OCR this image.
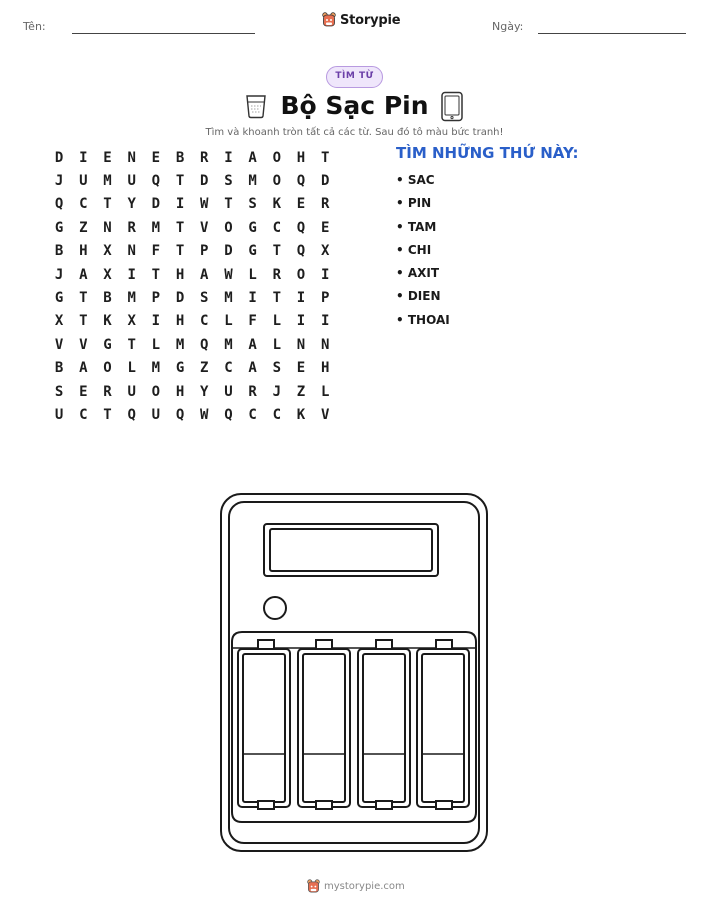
Tên:	Storypie	Ngày:
TÌM TỪ
Bộ Sạc Pin
Tìm và khoanh tròn tất cả các từ. Sau đó tô màu bức tranh!
D	I	E	N	E	B	R	I	A	O	H	T
J	U	M	U	Q	T	D	S	M	O	Q	D
Q	C	T	Y	D	I	W	T	S	K	E	R
G	Z	N	R	M	T	V	O	G	C	Q	E
B	H	X	N	F	T	P	D	G	T	Q	X
J	A	X	I	T	H	A	W	L	R	O	I
G	T	B	M	P	D	S	M	I	T	I	P
X	T	K	X	I	H	C	L	F	L	I	I
V	V	G	T	L	M	Q	M	A	L	N	N
B	A	O	L	M	G	Z	C	A	S	E	H
S	E	R	U	O	H	Y	U	R	J	Z	L
U	C	T	Q	U	Q	W	Q	C	C	K	V
TÌM NHỮNG THỨ NÀY:
• SAC
• PIN
• TAM
• CHI
• AXIT
• DIEN
• THOAI
mystorypie.com
